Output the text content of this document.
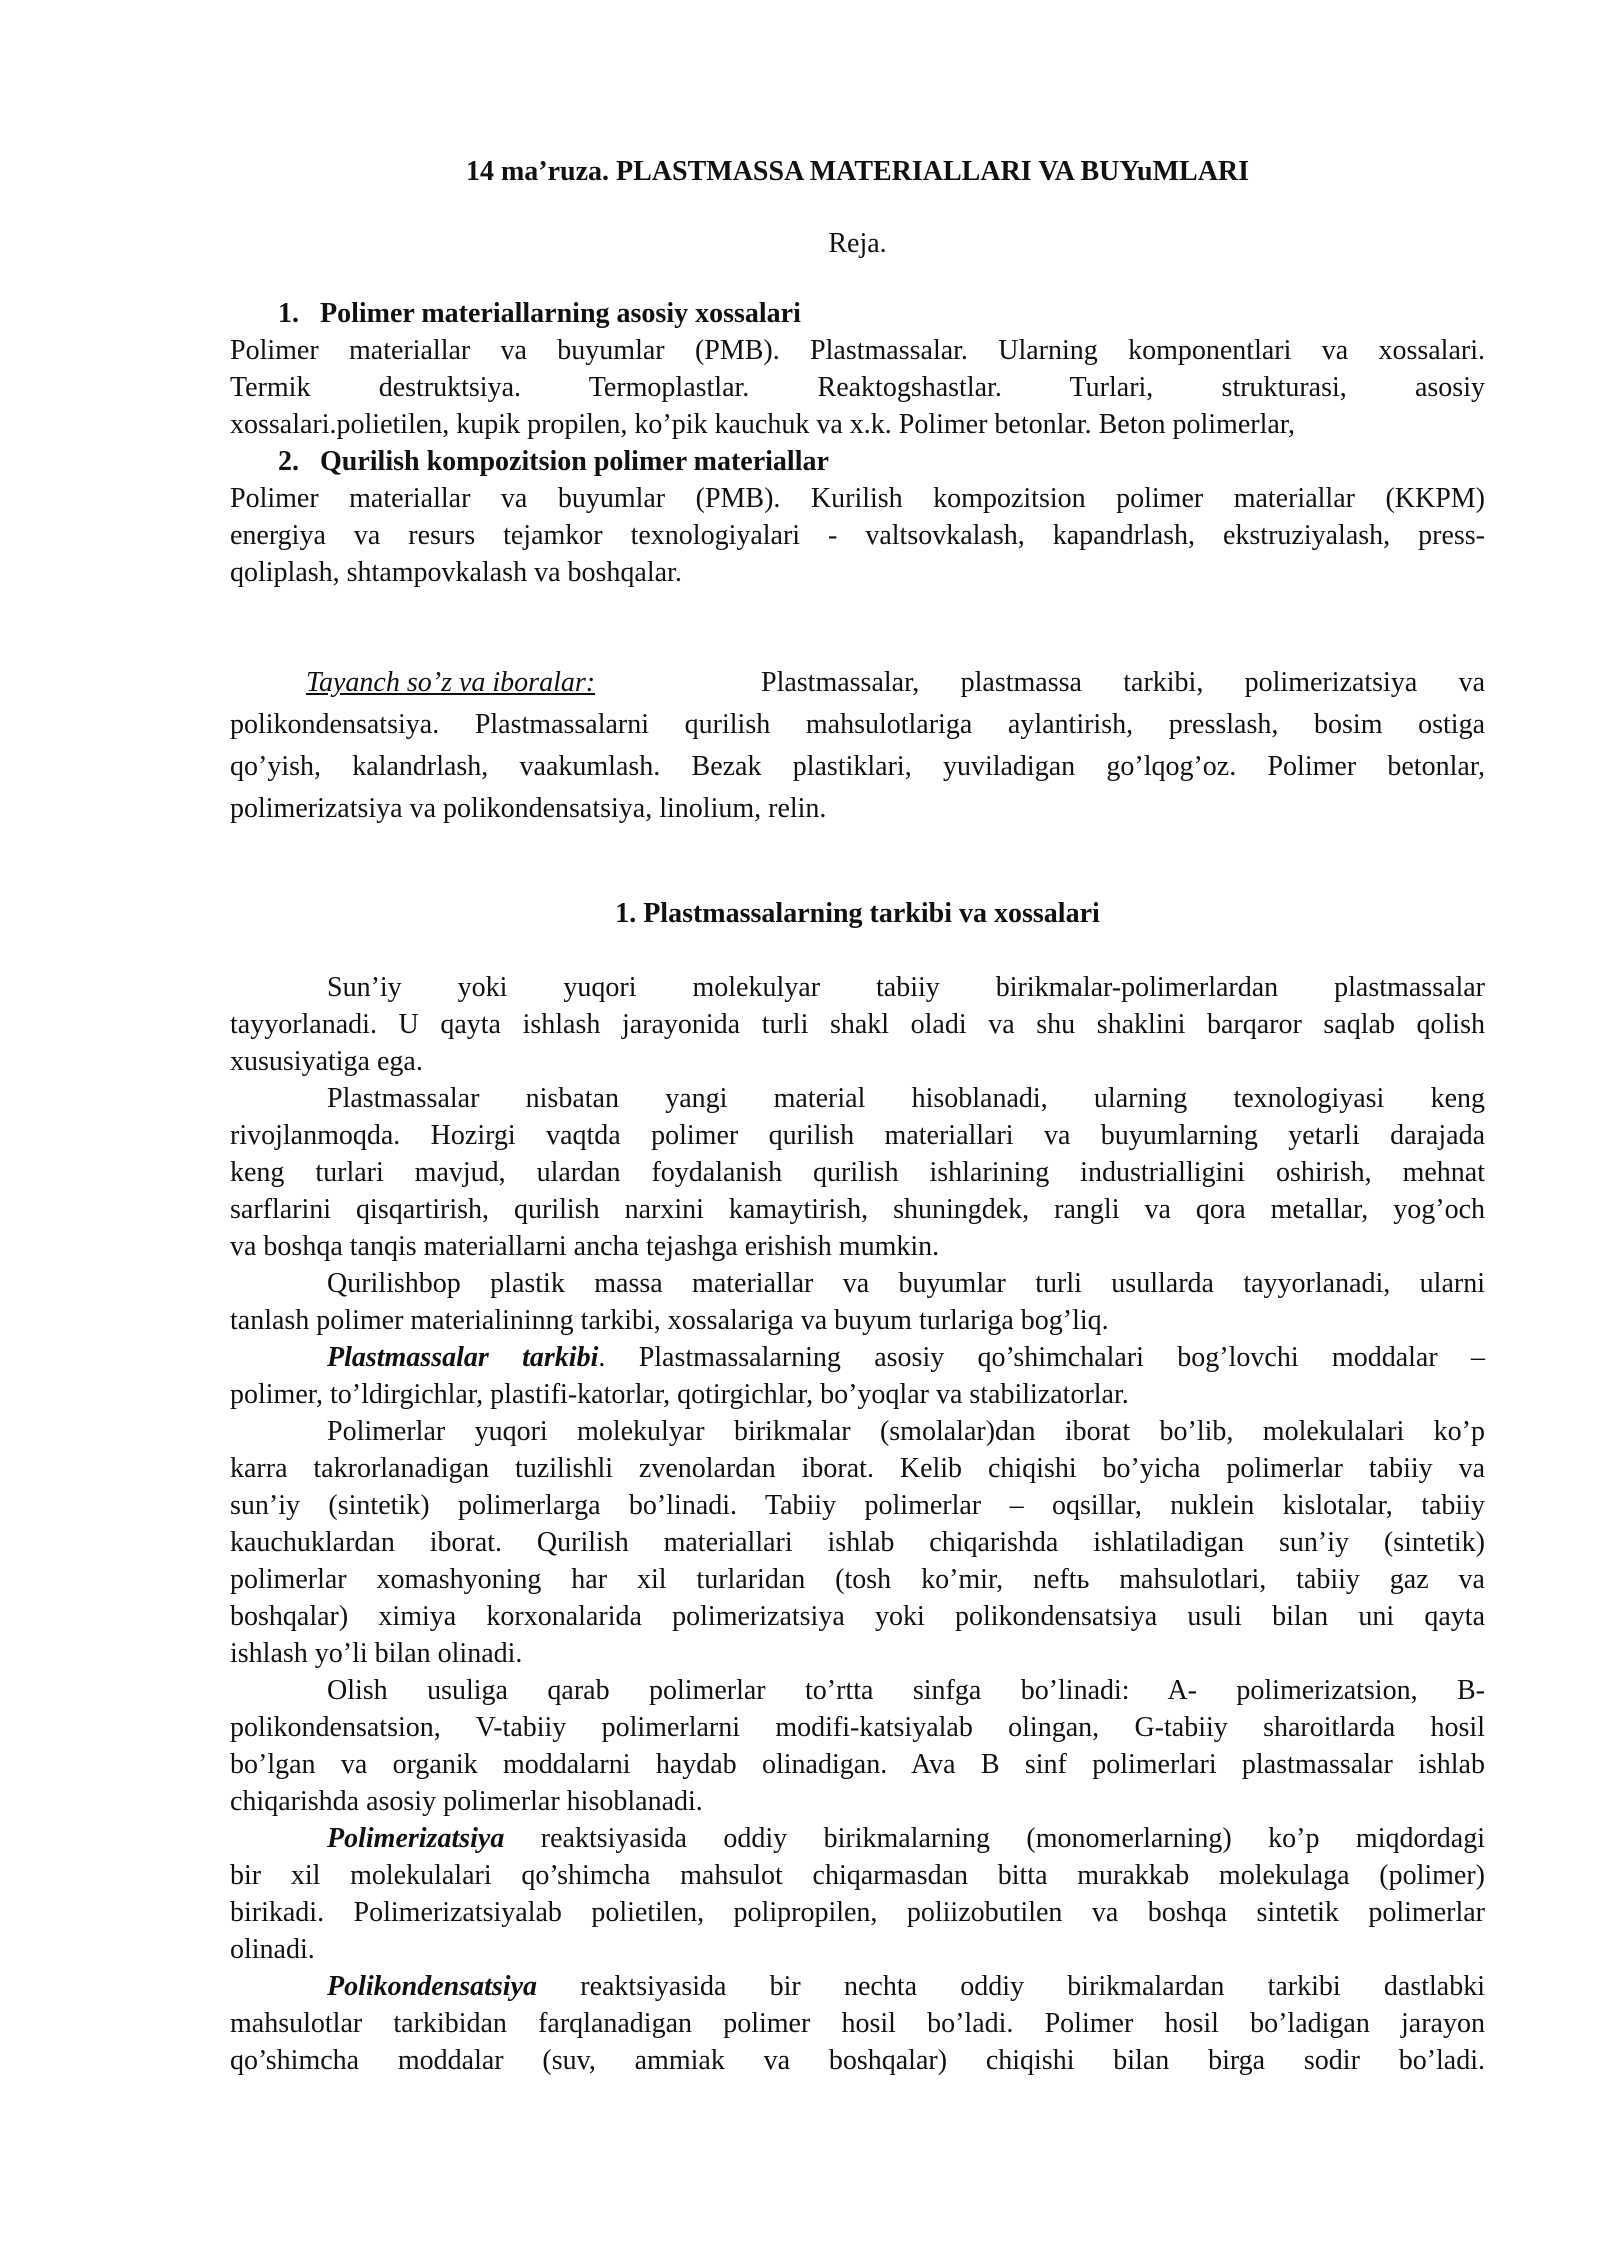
14 ma’ruza. PLASTMASSA MATERIALLARI VA BUYuMLARI
Reja.
1. Polimer materiallarning asosiy xossalari
Polimer materiallar va buyumlar (PMB). Plastmassalar. Ularning komponentlari va xossalari.
Termik destruktsiya. Termoplastlar. Reaktogshastlar. Turlari, strukturasi, asosiy
xossalari.polietilen, kupik propilen, ko’pik kauchuk va x.k. Polimer betonlar. Beton polimerlar,
2. Qurilish kompozitsion polimer materiallar
Polimer materiallar va buyumlar (PMB). Kurilish kompozitsion polimer materiallar (KKPM)
energiya va resurs tejamkor texnologiyalari - valtsovkalash, kapandrlash, ekstruziyalash, press-
qoliplash, shtampovkalash va boshqalar.
Tayanch so’z va iboralar:	Plastmassalar, plastmassa tarkibi, polimerizatsiya va
polikondensatsiya. Plastmassalarni qurilish mahsulotlariga aylantirish, presslash, bosim ostiga
qo’yish, kalandrlash, vaakumlash. Bezak plastiklari, yuviladigan go’lqog’oz. Polimer betonlar,
polimerizatsiya va polikondensatsiya, linolium, relin.
1. Plastmassalarning tarkibi va xossalari
Sun’iy yoki yuqori molekulyar tabiiy birikmalar-polimerlardan plastmassalar
tayyorlanadi. U qayta ishlash jarayonida turli shakl oladi va shu shaklini barqaror saqlab qolish
xususiyatiga ega.
Plastmassalar nisbatan yangi material hisoblanadi, ularning texnologiyasi keng
rivojlanmoqda. Hozirgi vaqtda polimer qurilish materiallari va buyumlarning yetarli darajada
keng turlari mavjud, ulardan foydalanish qurilish ishlarining industrialligini oshirish, mehnat
sarflarini qisqartirish, qurilish narxini kamaytirish, shuningdek, rangli va qora metallar, yog’och
va boshqa tanqis materiallarni ancha tejashga erishish mumkin.
Qurilishbop plastik massa materiallar va buyumlar turli usullarda tayyorlanadi, ularni
tanlash polimer materialininng tarkibi, xossalariga va buyum turlariga bog’liq.
Plastmassalar tarkibi. Plastmassalarning asosiy qo’shimchalari bog’lovchi moddalar –
polimer, to’ldirgichlar, plastifi-katorlar, qotirgichlar, bo’yoqlar va stabilizatorlar.
Polimerlar yuqori molekulyar birikmalar (smolalar)dan iborat bo’lib, molekulalari ko’p
karra takrorlanadigan tuzilishli zvenolardan iborat. Kelib chiqishi bo’yicha polimerlar tabiiy va
sun’iy (sintetik) polimerlarga bo’linadi. Tabiiy polimerlar – oqsillar, nuklein kislotalar, tabiiy
kauchuklardan iborat. Qurilish materiallari ishlab chiqarishda ishlatiladigan sun’iy (sintetik)
polimerlar xomashyoning har xil turlaridan (tosh ko’mir, neftь mahsulotlari, tabiiy gaz va
boshqalar) ximiya korxonalarida polimerizatsiya yoki polikondensatsiya usuli bilan uni qayta
ishlash yo’li bilan olinadi.
Olish usuliga qarab polimerlar to’rtta sinfga bo’linadi: A- polimerizatsion, B-
polikondensatsion, V-tabiiy polimerlarni modifi-katsiyalab olingan, G-tabiiy sharoitlarda hosil
bo’lgan va organik moddalarni haydab olinadigan. Ava B sinf polimerlari plastmassalar ishlab
chiqarishda asosiy polimerlar hisoblanadi.
Polimerizatsiya reaktsiyasida oddiy birikmalarning (monomerlarning) ko’p miqdordagi
bir xil molekulalari qo’shimcha mahsulot chiqarmasdan bitta murakkab molekulaga (polimer)
birikadi. Polimerizatsiyalab polietilen, polipropilen, poliizobutilen va boshqa sintetik polimerlar
olinadi.
Polikondensatsiya reaktsiyasida bir nechta oddiy birikmalardan tarkibi dastlabki
mahsulotlar tarkibidan farqlanadigan polimer hosil bo’ladi. Polimer hosil bo’ladigan jarayon
qo’shimcha moddalar (suv, ammiak va boshqalar) chiqishi bilan birga sodir bo’ladi.
